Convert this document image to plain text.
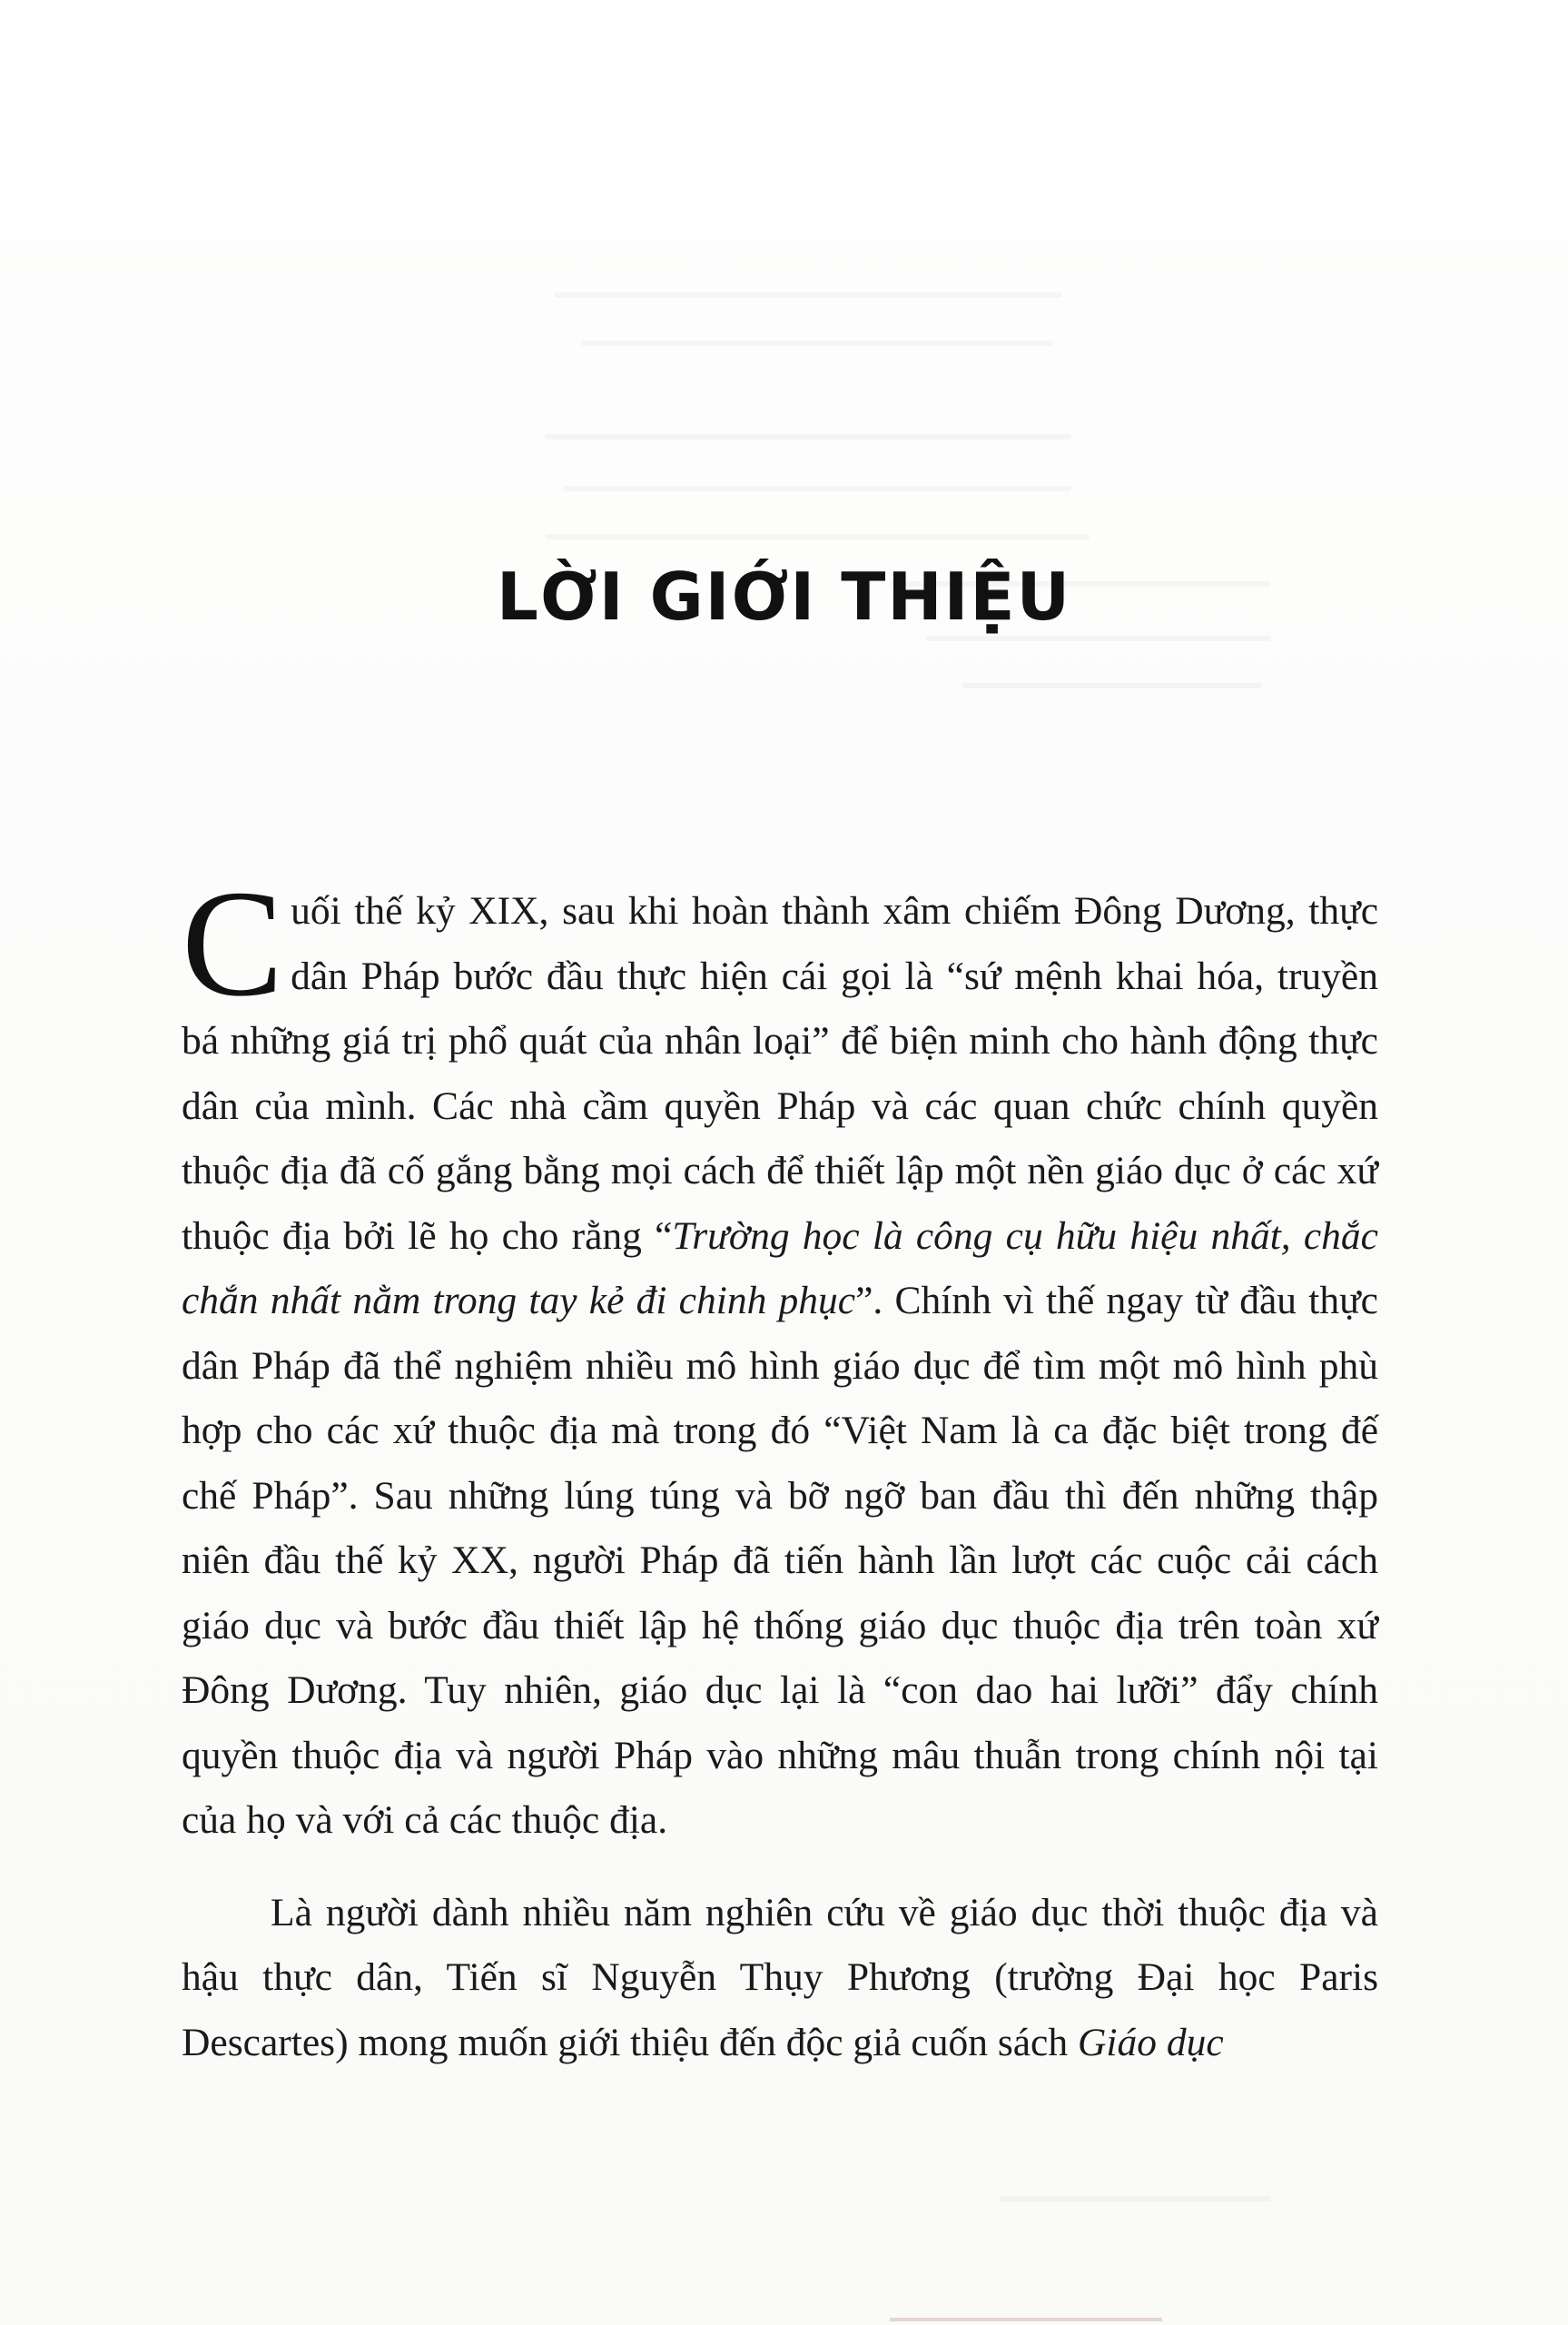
LỜI GIỚI THIỆU

Cuối thế kỷ XIX, sau khi hoàn thành xâm chiếm Đông Dương, thực dân Pháp bước đầu thực hiện cái gọi là “sứ mệnh khai hóa, truyền bá những giá trị phổ quát của nhân loại” để biện minh cho hành động thực dân của mình. Các nhà cầm quyền Pháp và các quan chức chính quyền thuộc địa đã cố gắng bằng mọi cách để thiết lập một nền giáo dục ở các xứ thuộc địa bởi lẽ họ cho rằng “Trường học là công cụ hữu hiệu nhất, chắc chắn nhất nằm trong tay kẻ đi chinh phục”. Chính vì thế ngay từ đầu thực dân Pháp đã thể nghiệm nhiều mô hình giáo dục để tìm một mô hình phù hợp cho các xứ thuộc địa mà trong đó “Việt Nam là ca đặc biệt trong đế chế Pháp”. Sau những lúng túng và bỡ ngỡ ban đầu thì đến những thập niên đầu thế kỷ XX, người Pháp đã tiến hành lần lượt các cuộc cải cách giáo dục và bước đầu thiết lập hệ thống giáo dục thuộc địa trên toàn xứ Đông Dương. Tuy nhiên, giáo dục lại là “con dao hai lưỡi” đẩy chính quyền thuộc địa và người Pháp vào những mâu thuẫn trong chính nội tại của họ và với cả các thuộc địa.

Là người dành nhiều năm nghiên cứu về giáo dục thời thuộc địa và hậu thực dân, Tiến sĩ Nguyễn Thụy Phương (trường Đại học Paris Descartes) mong muốn giới thiệu đến độc giả cuốn sách Giáo dục
